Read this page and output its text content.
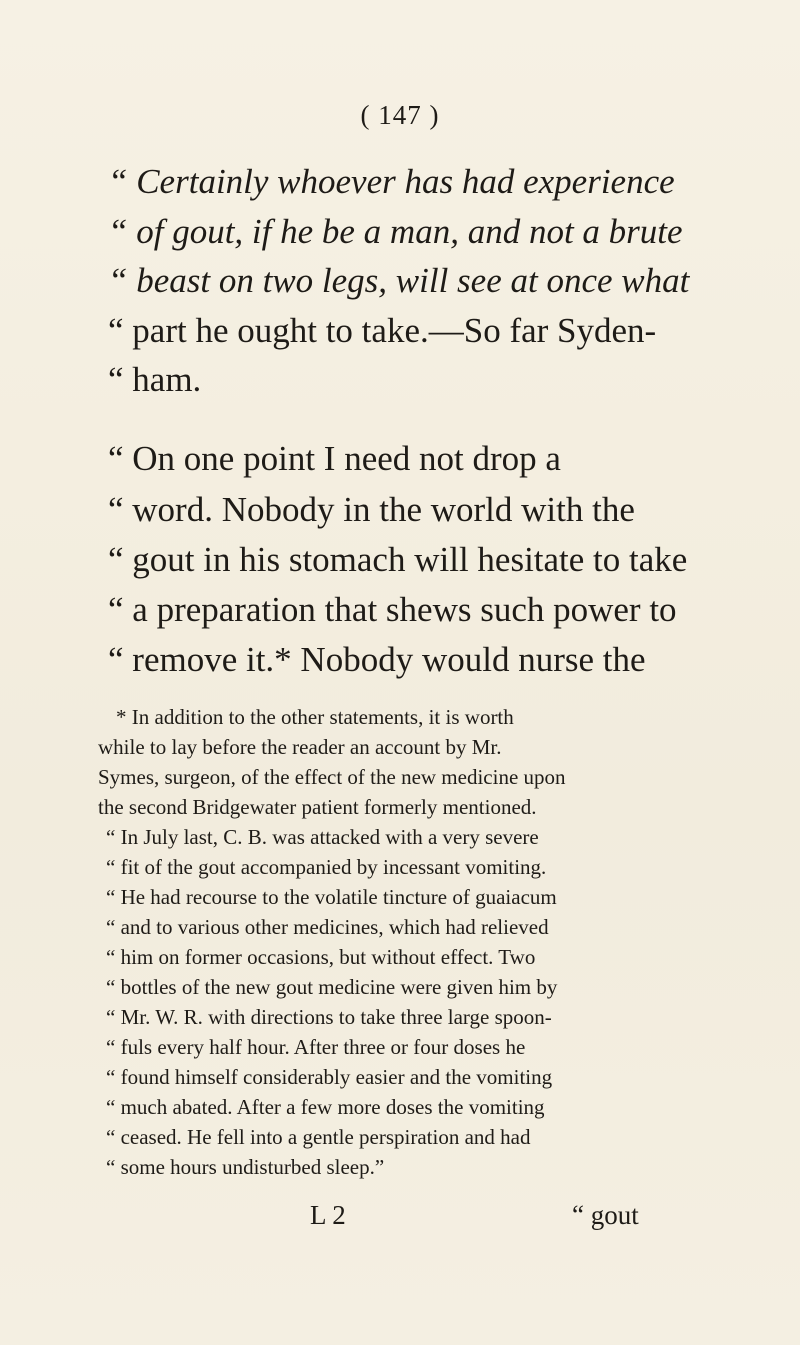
( 147 )
“ Certainly whoever has had experience
“ of gout, if he be a man, and not a brute
“ beast on two legs, will see at once what
“ part he ought to take.—So far Syden-
“ ham.
“ On one point I need not drop a
“ word. Nobody in the world with the
“ gout in his stomach will hesitate to take
“ a preparation that shews such power to
“ remove it.* Nobody would nurse the
* In addition to the other statements, it is worth
while to lay before the reader an account by Mr.
Symes, surgeon, of the effect of the new medicine upon
the second Bridgewater patient formerly mentioned.
“ In July last, C. B. was attacked with a very severe
“ fit of the gout accompanied by incessant vomiting.
“ He had recourse to the volatile tincture of guaiacum
“ and to various other medicines, which had relieved
“ him on former occasions, but without effect. Two
“ bottles of the new gout medicine were given him by
“ Mr. W. R. with directions to take three large spoon-
“ fuls every half hour. After three or four doses he
“ found himself considerably easier and the vomiting
“ much abated. After a few more doses the vomiting
“ ceased. He fell into a gentle perspiration and had
“ some hours undisturbed sleep.”
L 2	“ gout
